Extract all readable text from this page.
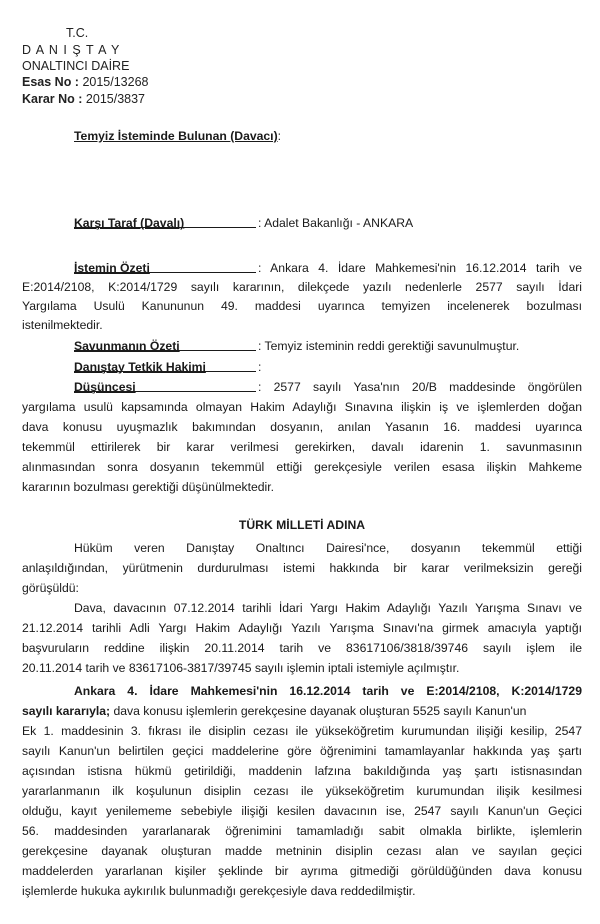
T.C.
D A N I Ş T A Y
ONALTINCI DAİRE
Esas No : 2015/13268
Karar No : 2015/3837
Temyiz İsteminde Bulunan (Davacı):
Karşı Taraf (Davalı)	: Adalet Bakanlığı - ANKARA
İstemin Özeti	: Ankara 4. İdare Mahkemesi'nin 16.12.2014 tarih ve
E:2014/2108, K:2014/1729 sayılı kararının, dilekçede yazılı nedenlerle 2577 sayılı İdari
Yargılama Usulü Kanununun 49. maddesi uyarınca temyizen incelenerek bozulması
istenilmektedir.
Savunmanın Özeti	: Temyiz isteminin reddi gerektiği savunulmuştur.
Danıştay Tetkik Hakimi	:
Düşüncesi	: 2577 sayılı Yasa'nın 20/B maddesinde öngörülen
yargılama usulü kapsamında olmayan Hakim Adaylığı Sınavına ilişkin iş ve işlemlerden doğan
dava konusu uyuşmazlık bakımından dosyanın, anılan Yasanın 16. maddesi uyarınca
tekemmül ettirilerek bir karar verilmesi gerekirken, davalı idarenin 1. savunmasının
alınmasından sonra dosyanın tekemmül ettiği gerekçesiyle verilen esasa ilişkin Mahkeme
kararının bozulması gerektiği düşünülmektedir.
TÜRK MİLLETİ ADINA
Hüküm veren Danıştay Onaltıncı Dairesi'nce, dosyanın tekemmül ettiği
anlaşıldığından, yürütmenin durdurulması istemi hakkında bir karar verilmeksizin gereği
görüşüldü:
Dava, davacının 07.12.2014 tarihli İdari Yargı Hakim Adaylığı Yazılı Yarışma Sınavı ve
21.12.2014 tarihli Adli Yargı Hakim Adaylığı Yazılı Yarışma Sınavı'na girmek amacıyla yaptığı
başvuruların reddine ilişkin 20.11.2014 tarih ve 83617106/3818/39746 sayılı işlem ile
20.11.2014 tarih ve 83617106-3817/39745 sayılı işlemin iptali istemiyle açılmıştır.
Ankara 4. İdare Mahkemesi'nin 16.12.2014 tarih ve E:2014/2108, K:2014/1729
sayılı kararıyla; dava konusu işlemlerin gerekçesine dayanak oluşturan 5525 sayılı Kanun'un
Ek 1. maddesinin 3. fıkrası ile disiplin cezası ile yükseköğretim kurumundan ilişiği kesilip, 2547
sayılı Kanun'un belirtilen geçici maddelerine göre öğrenimini tamamlayanlar hakkında yaş şartı
açısından istisna hükmü getirildiği, maddenin lafzına bakıldığında yaş şartı istisnasından
yararlanmanın ilk koşulunun disiplin cezası ile yükseköğretim kurumundan ilişik kesilmesi
olduğu, kayıt yenilememe sebebiyle ilişiği kesilen davacının ise, 2547 sayılı Kanun'un Geçici
56. maddesinden yararlanarak öğrenimini tamamladığı sabit olmakla birlikte, işlemlerin
gerekçesine dayanak oluşturan madde metninin disiplin cezası alan ve sayılan geçici
maddelerden yararlanan kişiler şeklinde bir ayrıma gitmediği görüldüğünden dava konusu
işlemlerde hukuka aykırılık bulunmadığı gerekçesiyle dava reddedilmiştir.
